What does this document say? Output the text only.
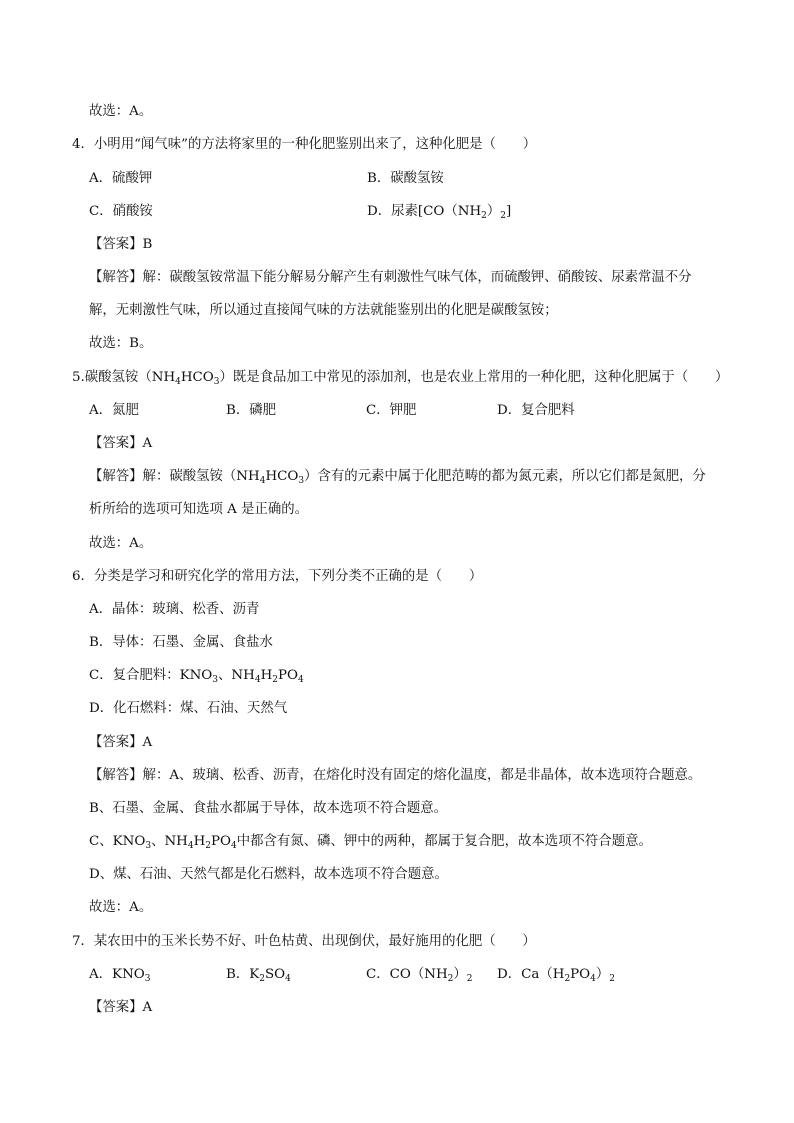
故选：A。
4．小明用“闻气味”的方法将家里的一种化肥鉴别出来了，这种化肥是（　　）
A．硫酸钾	B．碳酸氢铵
C．硝酸铵	D．尿素$[CO(NH_2)_2]$
【答案】B
【解答】解：碳酸氢铵常温下能分解易分解产生有刺激性气味气体，而硫酸钾、硝酸铵、尿素常温不分
解，无刺激性气味，所以通过直接闻气味的方法就能鉴别出的化肥是碳酸氢铵；
故选：B。
5.碳酸氢铵$(NH_4HCO_3)$既是食品加工中常见的添加剂，也是农业上常用的一种化肥，这种化肥属于（　　）
A．氮肥	B．磷肥	C．钾肥	D．复合肥料
【答案】A
【解答】解：碳酸氢铵$(NH_4HCO_3)$含有的元素中属于化肥范畴的都为氮元素，所以它们都是氮肥，分
析所给的选项可知选项 A 是正确的。
故选：A。
6．分类是学习和研究化学的常用方法，下列分类不正确的是（　　）
A．晶体：玻璃、松香、沥青
B．导体：石墨、金属、食盐水
C．复合肥料：$KNO_3$、$NH_4H_2PO_4$
D．化石燃料：煤、石油、天然气
【答案】A
【解答】解：A、玻璃、松香、沥青，在熔化时没有固定的熔化温度，都是非晶体，故本选项符合题意。
B、石墨、金属、食盐水都属于导体，故本选项不符合题意。
C、$KNO_3$、$NH_4H_2PO_4$中都含有氮、磷、钾中的两种，都属于复合肥，故本选项不符合题意。
D、煤、石油、天然气都是化石燃料，故本选项不符合题意。
故选：A。
7．某农田中的玉米长势不好、叶色枯黄、出现倒伏，最好施用的化肥（　　）
A．$KNO_3$	B．$K_2SO_4$	C．$CO(NH_2)_2$ D．$Ca(H_2PO_4)_2$
【答案】A
